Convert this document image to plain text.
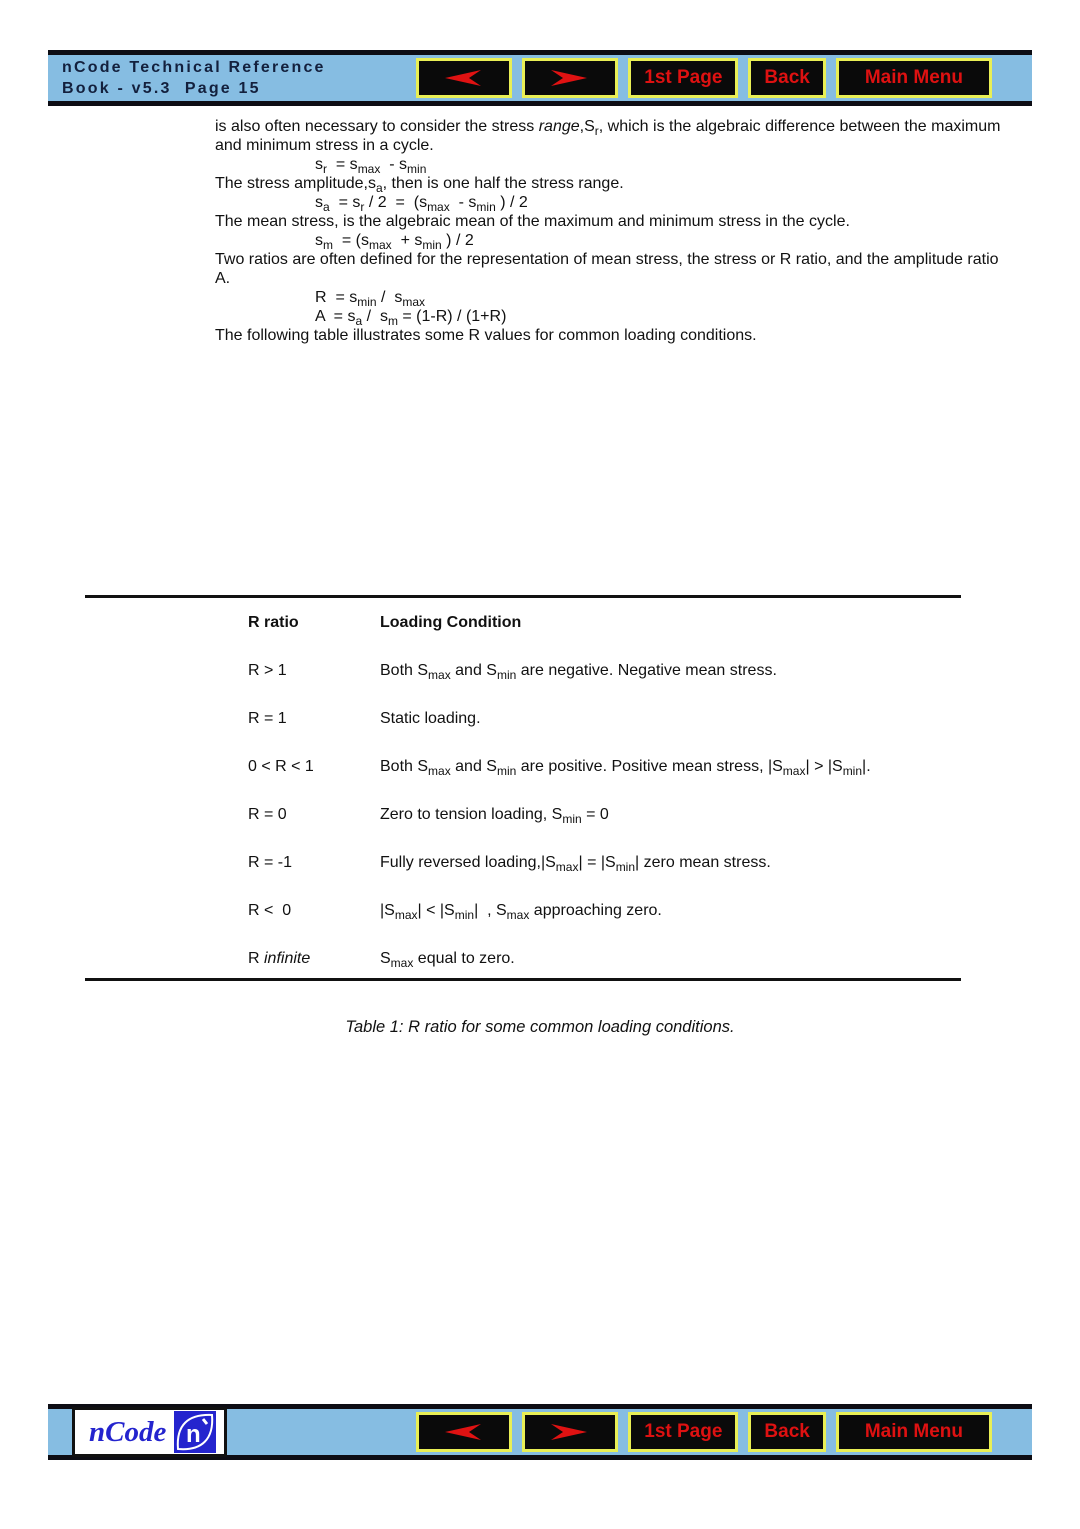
nCode Technical Reference
Book - v5.3  Page 15

1st Page Back	Main Menu

is also often necessary to consider the stress $range,S_r$, which is the algebraic difference between the maximum and minimum stress in a cycle.

$s_r = s_{max} - s_{min}$

The stress $amplitude,s_a$, then is one half the stress range.

$s_a = s_r / 2 = (s_{max} - s_{min}$ ) / 2

The mean stress, is the algebraic mean of the maximum and minimum stress in the cycle.

$s_m = (s_{max} + s_{min}$ ) / 2

Two ratios are often defined for the representation of mean stress, the stress or R ratio, and the amplitude ratio A.

$R = s_{min} / s_{max}$

$A = s_a / s_m = (1-R) / (1+R)$

The following table illustrates some R values for common loading conditions.

R ratio	Loading Condition
R > 1	Both $S_{max}$ and $S_{min}$ are negative. Negative mean stress.
R = 1	Static loading.
0 < R < 1	Both $S_{max}$ and $S_{min}$ are positive. Positive mean stress, $|S_{max}| > |S_{min}|$.
R = 0	Zero to tension loading, $S_{min} = 0$
R = -1	Fully reversed $loading,|S_{max}| = |S_{min}|$ zero mean stress.
R <  0	$|S_{max}| < |S_{min}|$  , $S_{max}$ approaching zero.
R infinite	$S_{max}$ equal to zero.
Table 1: R ratio for some common loading conditions.
nCode n

	1st Page Back	Main Menu
